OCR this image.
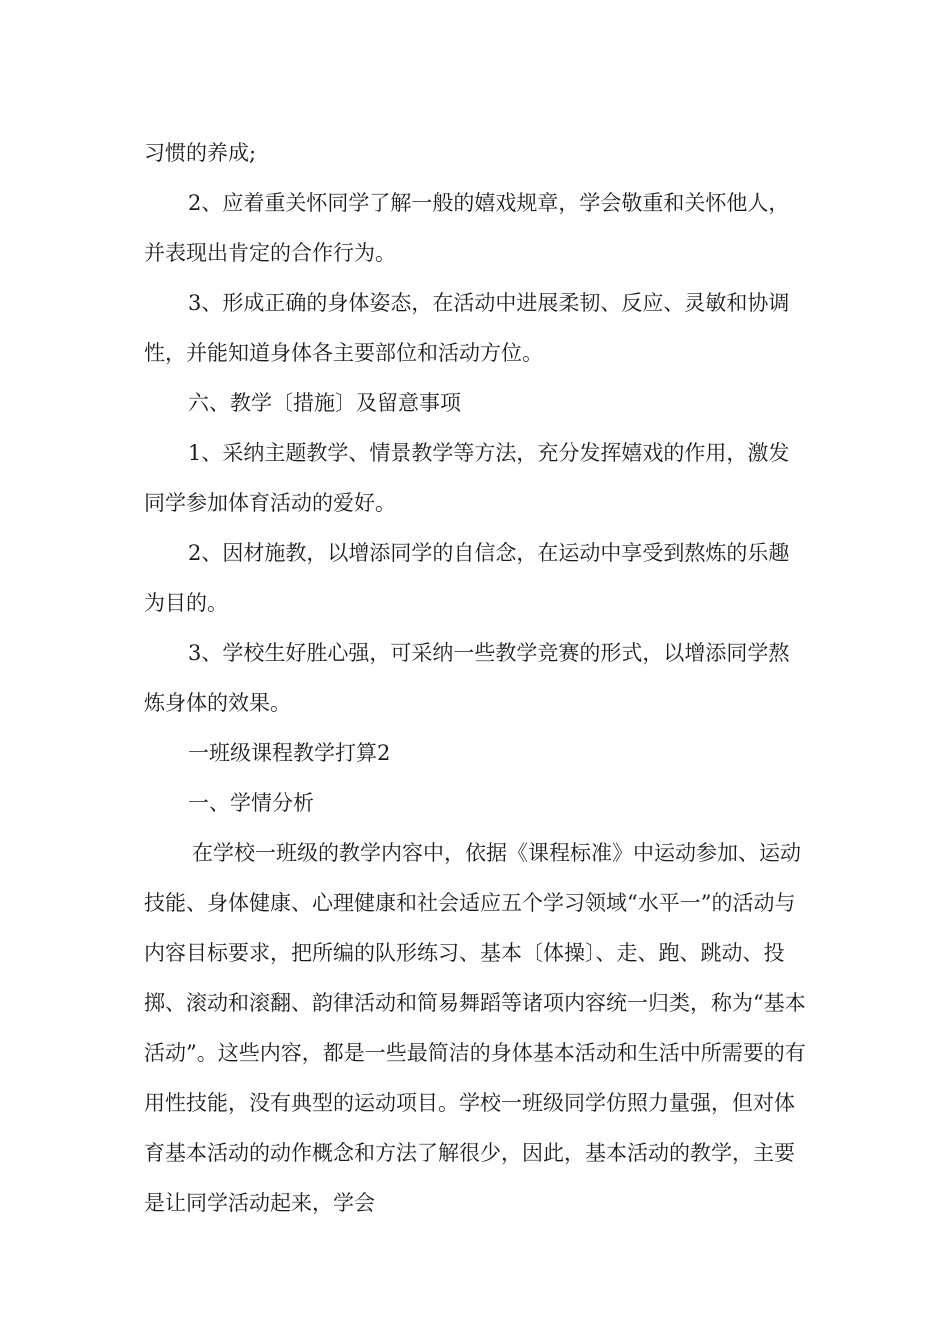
习惯的养成;

2、应着重关怀同学了解一般的嬉戏规章，学会敬重和关怀他人，并表现出肯定的合作行为。

3、形成正确的身体姿态，在活动中进展柔韧、反应、灵敏和协调性，并能知道身体各主要部位和活动方位。

六、教学〔措施〕及留意事项

1、采纳主题教学、情景教学等方法，充分发挥嬉戏的作用，激发同学参加体育活动的爱好。

2、因材施教，以增添同学的自信念，在运动中享受到熬炼的乐趣为目的。

3、学校生好胜心强，可采纳一些教学竞赛的形式，以增添同学熬炼身体的效果。

一班级课程教学打算2

一、学情分析

在学校一班级的教学内容中，依据《课程标准》中运动参加、运动技能、身体健康、心理健康和社会适应五个学习领域“水平一”的活动与内容目标要求，把所编的队形练习、基本〔体操〕、走、跑、跳动、投掷、滚动和滚翻、韵律活动和简易舞蹈等诸项内容统一归类，称为“基本活动”。这些内容，都是一些最简洁的身体基本活动和生活中所需要的有用性技能，没有典型的运动项目。学校一班级同学仿照力量强，但对体育基本活动的动作概念和方法了解很少，因此，基本活动的教学，主要是让同学活动起来，学会
